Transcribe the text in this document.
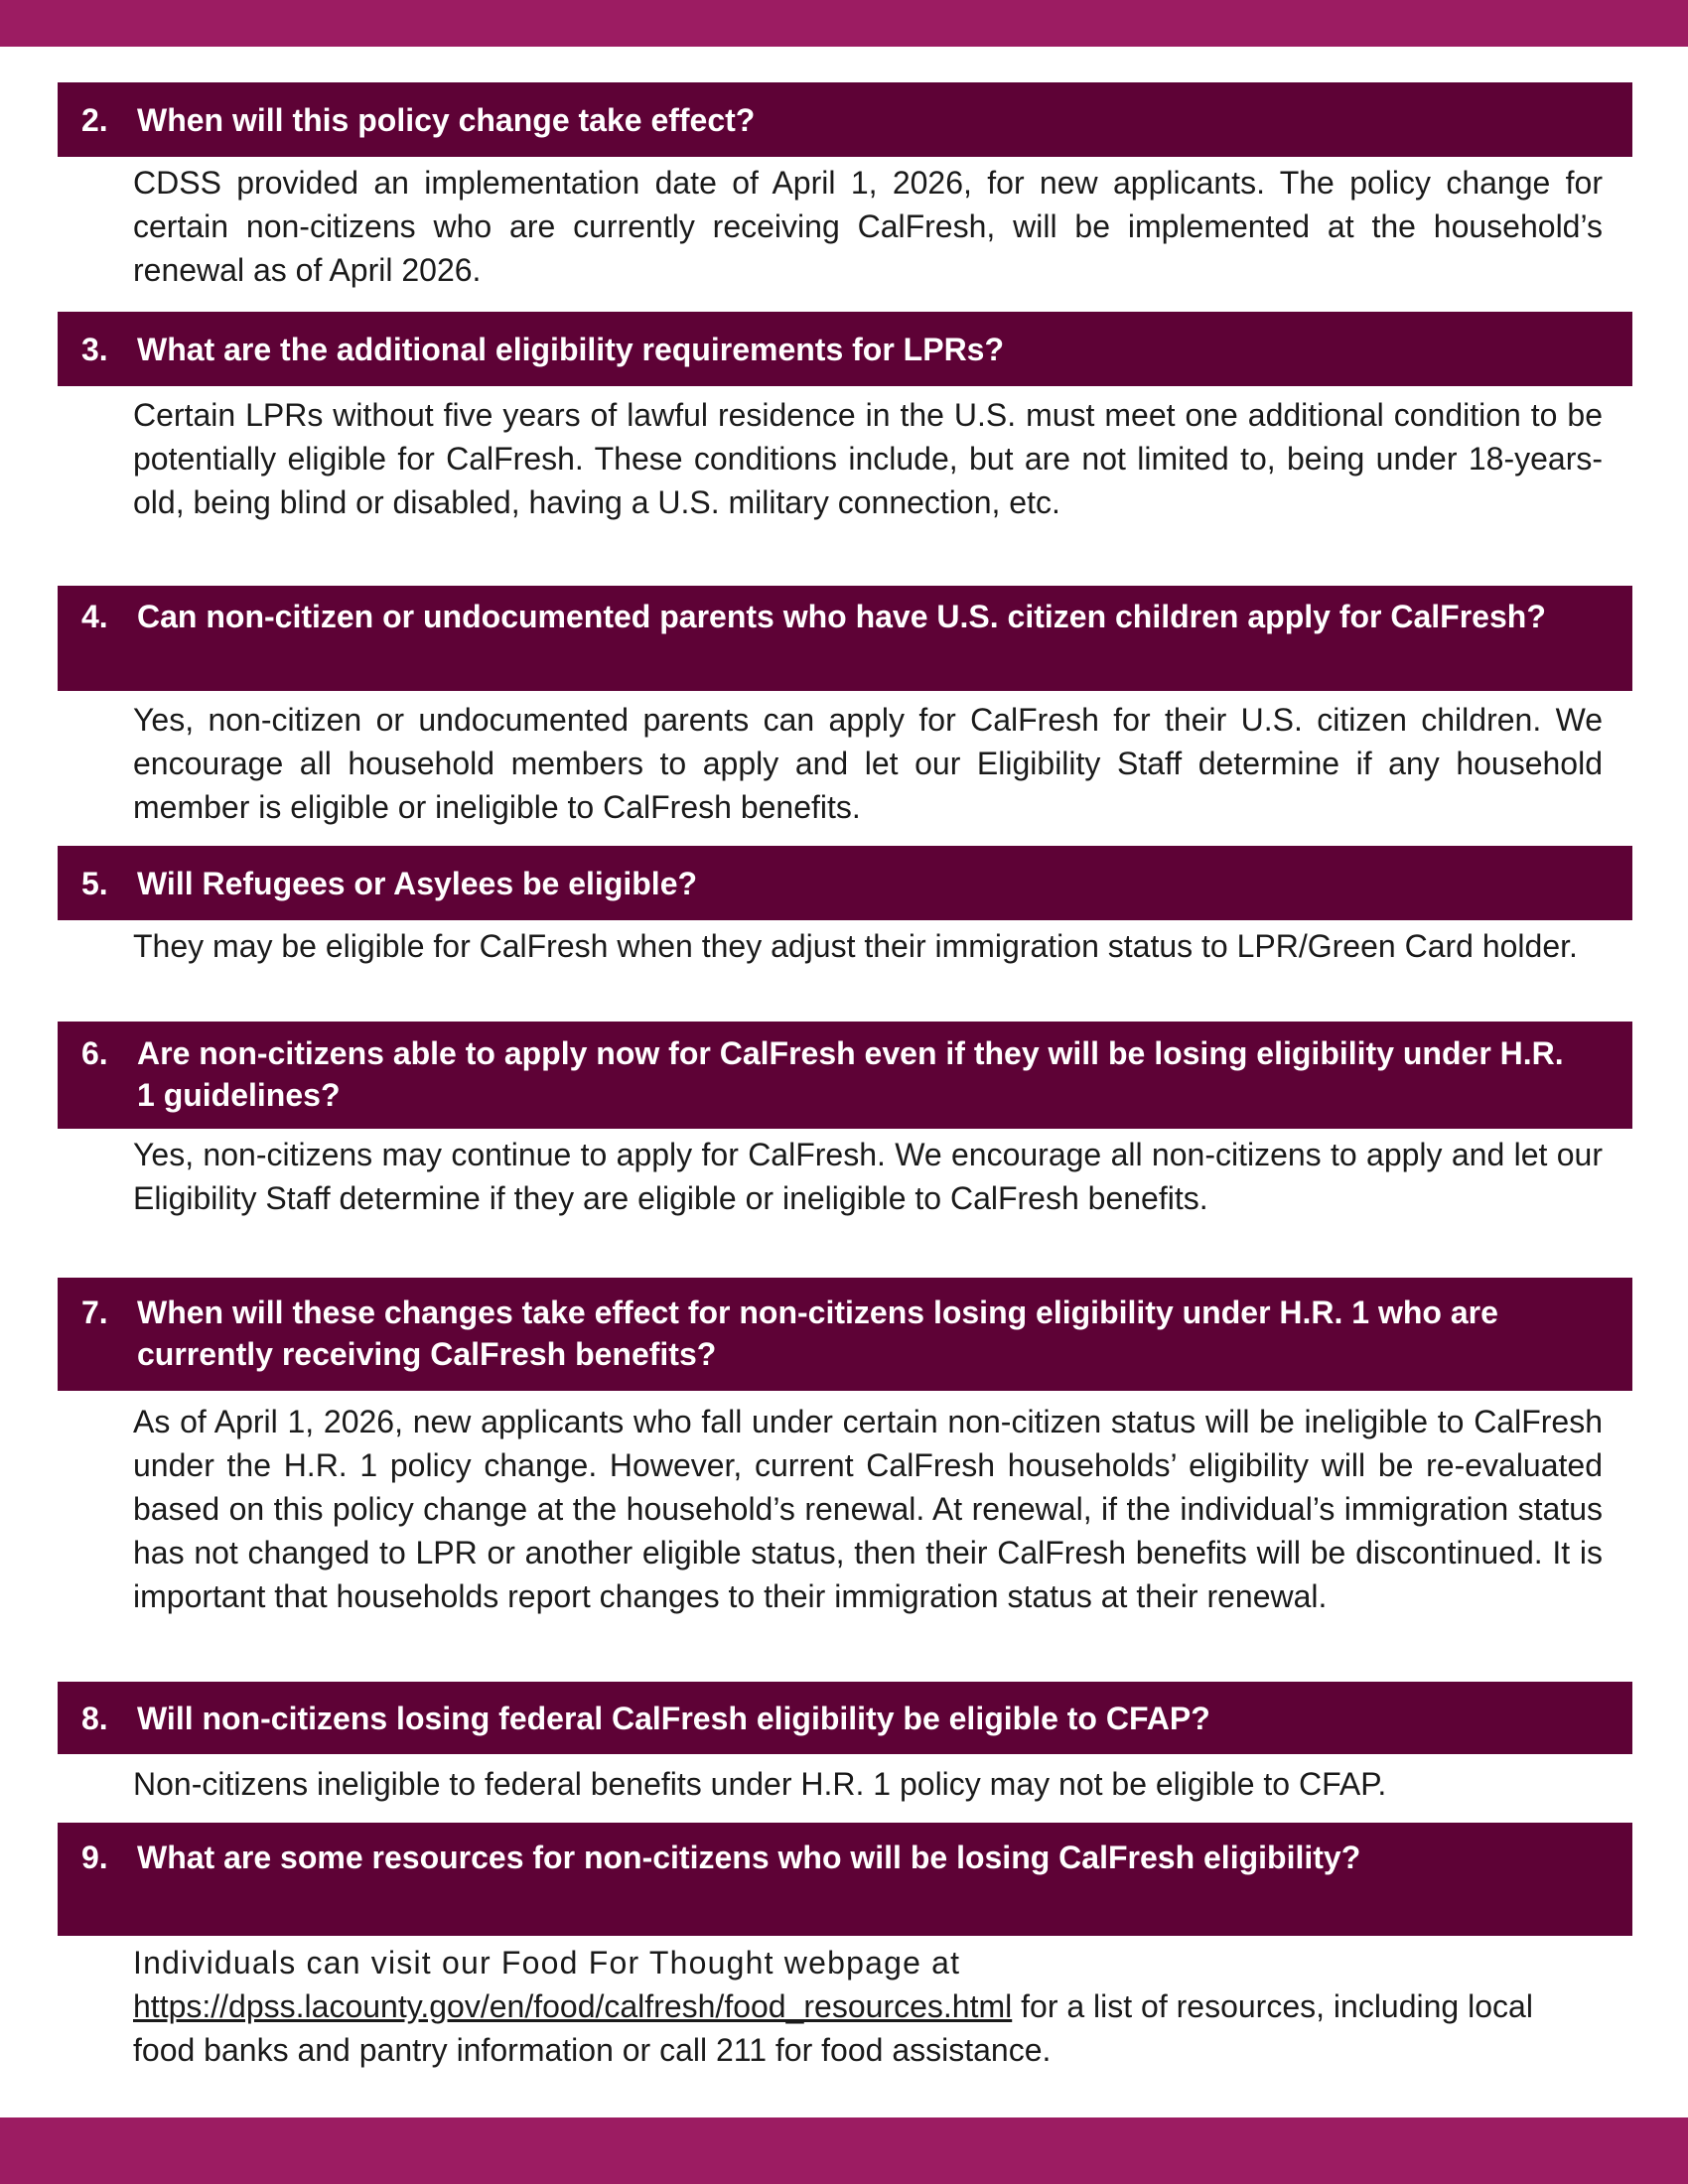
2. When will this policy change take effect?
CDSS provided an implementation date of April 1, 2026, for new applicants. The policy change for certain non-citizens who are currently receiving CalFresh, will be implemented at the household’s renewal as of April 2026.
3. What are the additional eligibility requirements for LPRs?
Certain LPRs without five years of lawful residence in the U.S. must meet one additional condition to be potentially eligible for CalFresh. These conditions include, but are not limited to, being under 18-years-old, being blind or disabled, having a U.S. military connection, etc.
4. Can non-citizen or undocumented parents who have U.S. citizen children apply for CalFresh?
Yes, non-citizen or undocumented parents can apply for CalFresh for their U.S. citizen children. We encourage all household members to apply and let our Eligibility Staff determine if any household member is eligible or ineligible to CalFresh benefits.
5. Will Refugees or Asylees be eligible?
They may be eligible for CalFresh when they adjust their immigration status to LPR/Green Card holder.
6. Are non-citizens able to apply now for CalFresh even if they will be losing eligibility under H.R. 1 guidelines?
Yes, non-citizens may continue to apply for CalFresh. We encourage all non-citizens to apply and let our Eligibility Staff determine if they are eligible or ineligible to CalFresh benefits.
7. When will these changes take effect for non-citizens losing eligibility under H.R. 1 who are currently receiving CalFresh benefits?
As of April 1, 2026, new applicants who fall under certain non-citizen status will be ineligible to CalFresh under the H.R. 1 policy change. However, current CalFresh households’ eligibility will be re-evaluated based on this policy change at the household’s renewal. At renewal, if the individual’s immigration status has not changed to LPR or another eligible status, then their CalFresh benefits will be discontinued. It is important that households report changes to their immigration status at their renewal.
8. Will non-citizens losing federal CalFresh eligibility be eligible to CFAP?
Non-citizens ineligible to federal benefits under H.R. 1 policy may not be eligible to CFAP.
9. What are some resources for non-citizens who will be losing CalFresh eligibility?
Individuals can visit our Food For Thought webpage at
https://dpss.lacounty.gov/en/food/calfresh/food_resources.html for a list of resources, including local food banks and pantry information or call 211 for food assistance.
